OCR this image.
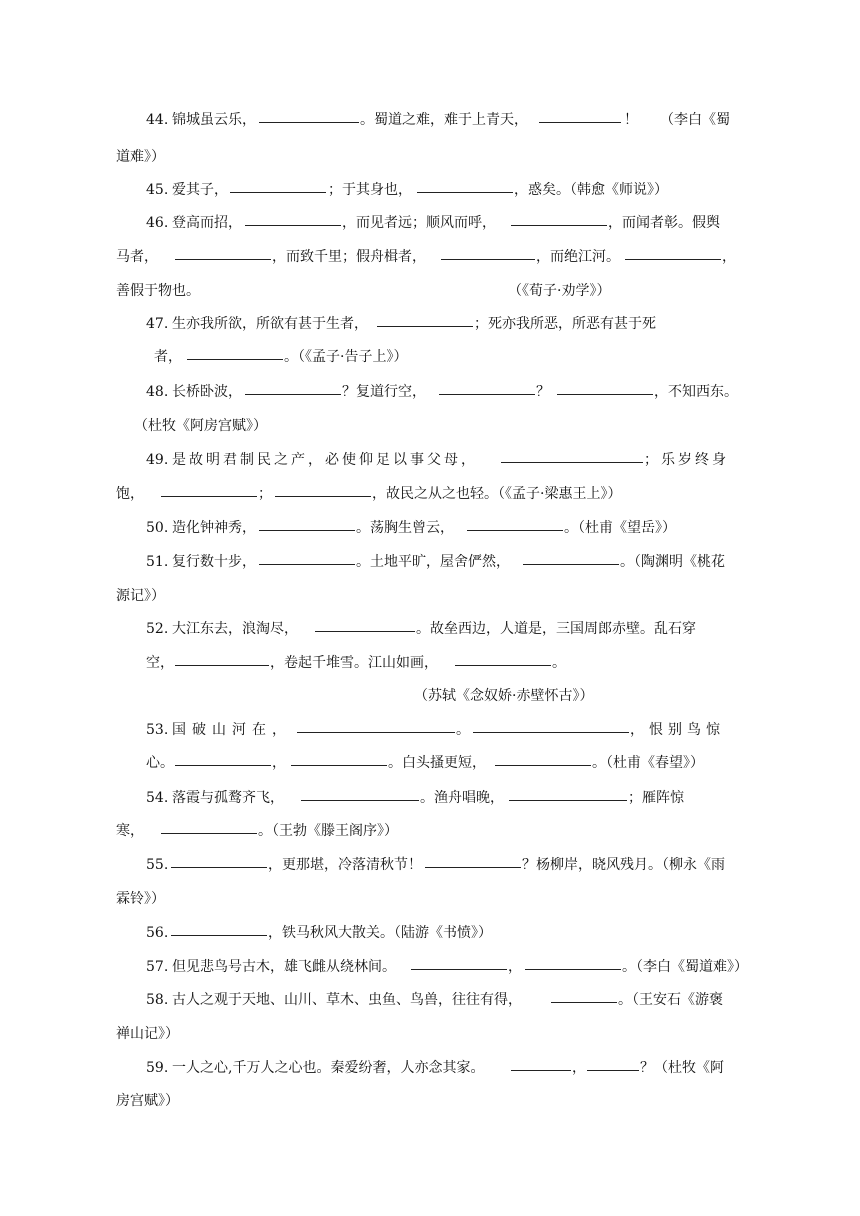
44. 锦城虽云乐，	。蜀道之难，难于上青天，	！ （李白《蜀
道难》）
45. 爱其子，	；于其身也，	，惑矣。（韩愈《师说》）
46. 登高而招，	，而见者远；顺风而呼，	，而闻者彰。假舆
马者，	，而致千里；假舟楫者，	，而绝江河。	，
善假于物也。	（《荀子·劝学》）
47. 生亦我所欲，所欲有甚于生者，	；死亦我所恶，所恶有甚于死
者，	。（《孟子·告子上》）
48. 长桥卧波，	？复道行空，	？	，不知西东。
（杜牧《阿房宫赋》）
49. 是故明君制民之产，必使仰足以事父母，	；乐岁终身
饱，	；	，故民之从之也轻。（《孟子·梁惠王上》）
50. 造化钟神秀，	。荡胸生曾云，	。（杜甫《望岳》）
51. 复行数十步，	。土地平旷，屋舍俨然，	。（陶渊明《桃花
源记》）
52. 大江东去，浪淘尽，	。故垒西边，人道是，三国周郎赤壁。乱石穿
空，	，卷起千堆雪。江山如画，	。
（苏轼《念奴娇·赤壁怀古》）
53. 国破山河在，	。	，恨别鸟惊
心。	，	。白头搔更短，	。（杜甫《春望》）
54. 落霞与孤鹜齐飞，	。渔舟唱晚，	；雁阵惊
寒，	。（王勃《滕王阁序》）
55.	，更那堪，冷落清秋节！	？杨柳岸，晓风残月。（柳永《雨
霖铃》）
56.	，铁马秋风大散关。（陆游《书愤》）
57. 但见悲鸟号古木，雄飞雌从绕林间。	，	。（李白《蜀道难》）
58. 古人之观于天地、山川、草木、虫鱼、鸟兽，往往有得，	。（王安石《游褒
禅山记》）
59. 一人之心,千万人之心也。秦爱纷奢，人亦念其家。	，	？（杜牧《阿
房宫赋》）
